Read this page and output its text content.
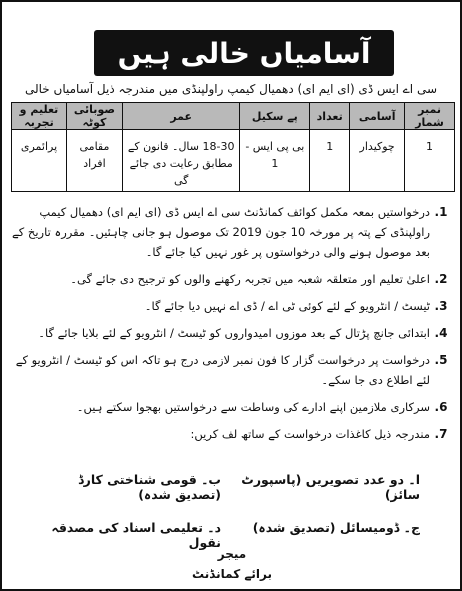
آسامیاں خالی ہیں
سی اے ایس ڈی (ای ایم ای) دھمیال کیمپ راولپنڈی میں مندرجہ ذیل آسامیاں خالی
نمبر شمار	آسامی	تعداد	پے سکیل	عمر	صوبائی کوٹہ	تعلیم و تجربہ
1	چوکیدار	1	بی پی ایس - 1	18-30 سال۔ قانون کے مطابق رعایت دی جائے گی	مقامی افراد	پرائمری
1.
درخواستیں بمعہ مکمل کوائف کمانڈنٹ سی اے ایس ڈی (ای ایم ای) دھمیال کیمپ راولپنڈی کے پتہ پر مورخہ 10 جون 2019 تک موصول ہو جانی چاہئیں۔ مقررہ تاریخ کے بعد موصول ہونے والی درخواستوں پر غور نہیں کیا جائے گا۔
2.
اعلیٰ تعلیم اور متعلقہ شعبہ میں تجربہ رکھنے والوں کو ترجیح دی جائے گی۔
3.
ٹیسٹ / انٹرویو کے لئے کوئی ٹی اے / ڈی اے نہیں دیا جائے گا۔
4.
ابتدائی جانچ پڑتال کے بعد موزوں امیدواروں کو ٹیسٹ / انٹرویو کے لئے بلایا جائے گا۔
5.
درخواست پر درخواست گزار کا فون نمبر لازمی درج ہو تاکہ اس کو ٹیسٹ / انٹرویو کے لئے اطلاع دی جا سکے۔
6.
سرکاری ملازمین اپنے ادارے کی وساطت سے درخواستیں بھجوا سکتے ہیں۔
7.
مندرجہ ذیل کاغذات درخواست کے ساتھ لف کریں:
ا۔ دو عدد تصویریں (پاسپورٹ سائز)
ب۔ قومی شناختی کارڈ (تصدیق شدہ)
ج۔ ڈومیسائل (تصدیق شدہ)
د۔ تعلیمی اسناد کی مصدقہ نقول
میجر
برائے کمانڈنٹ
